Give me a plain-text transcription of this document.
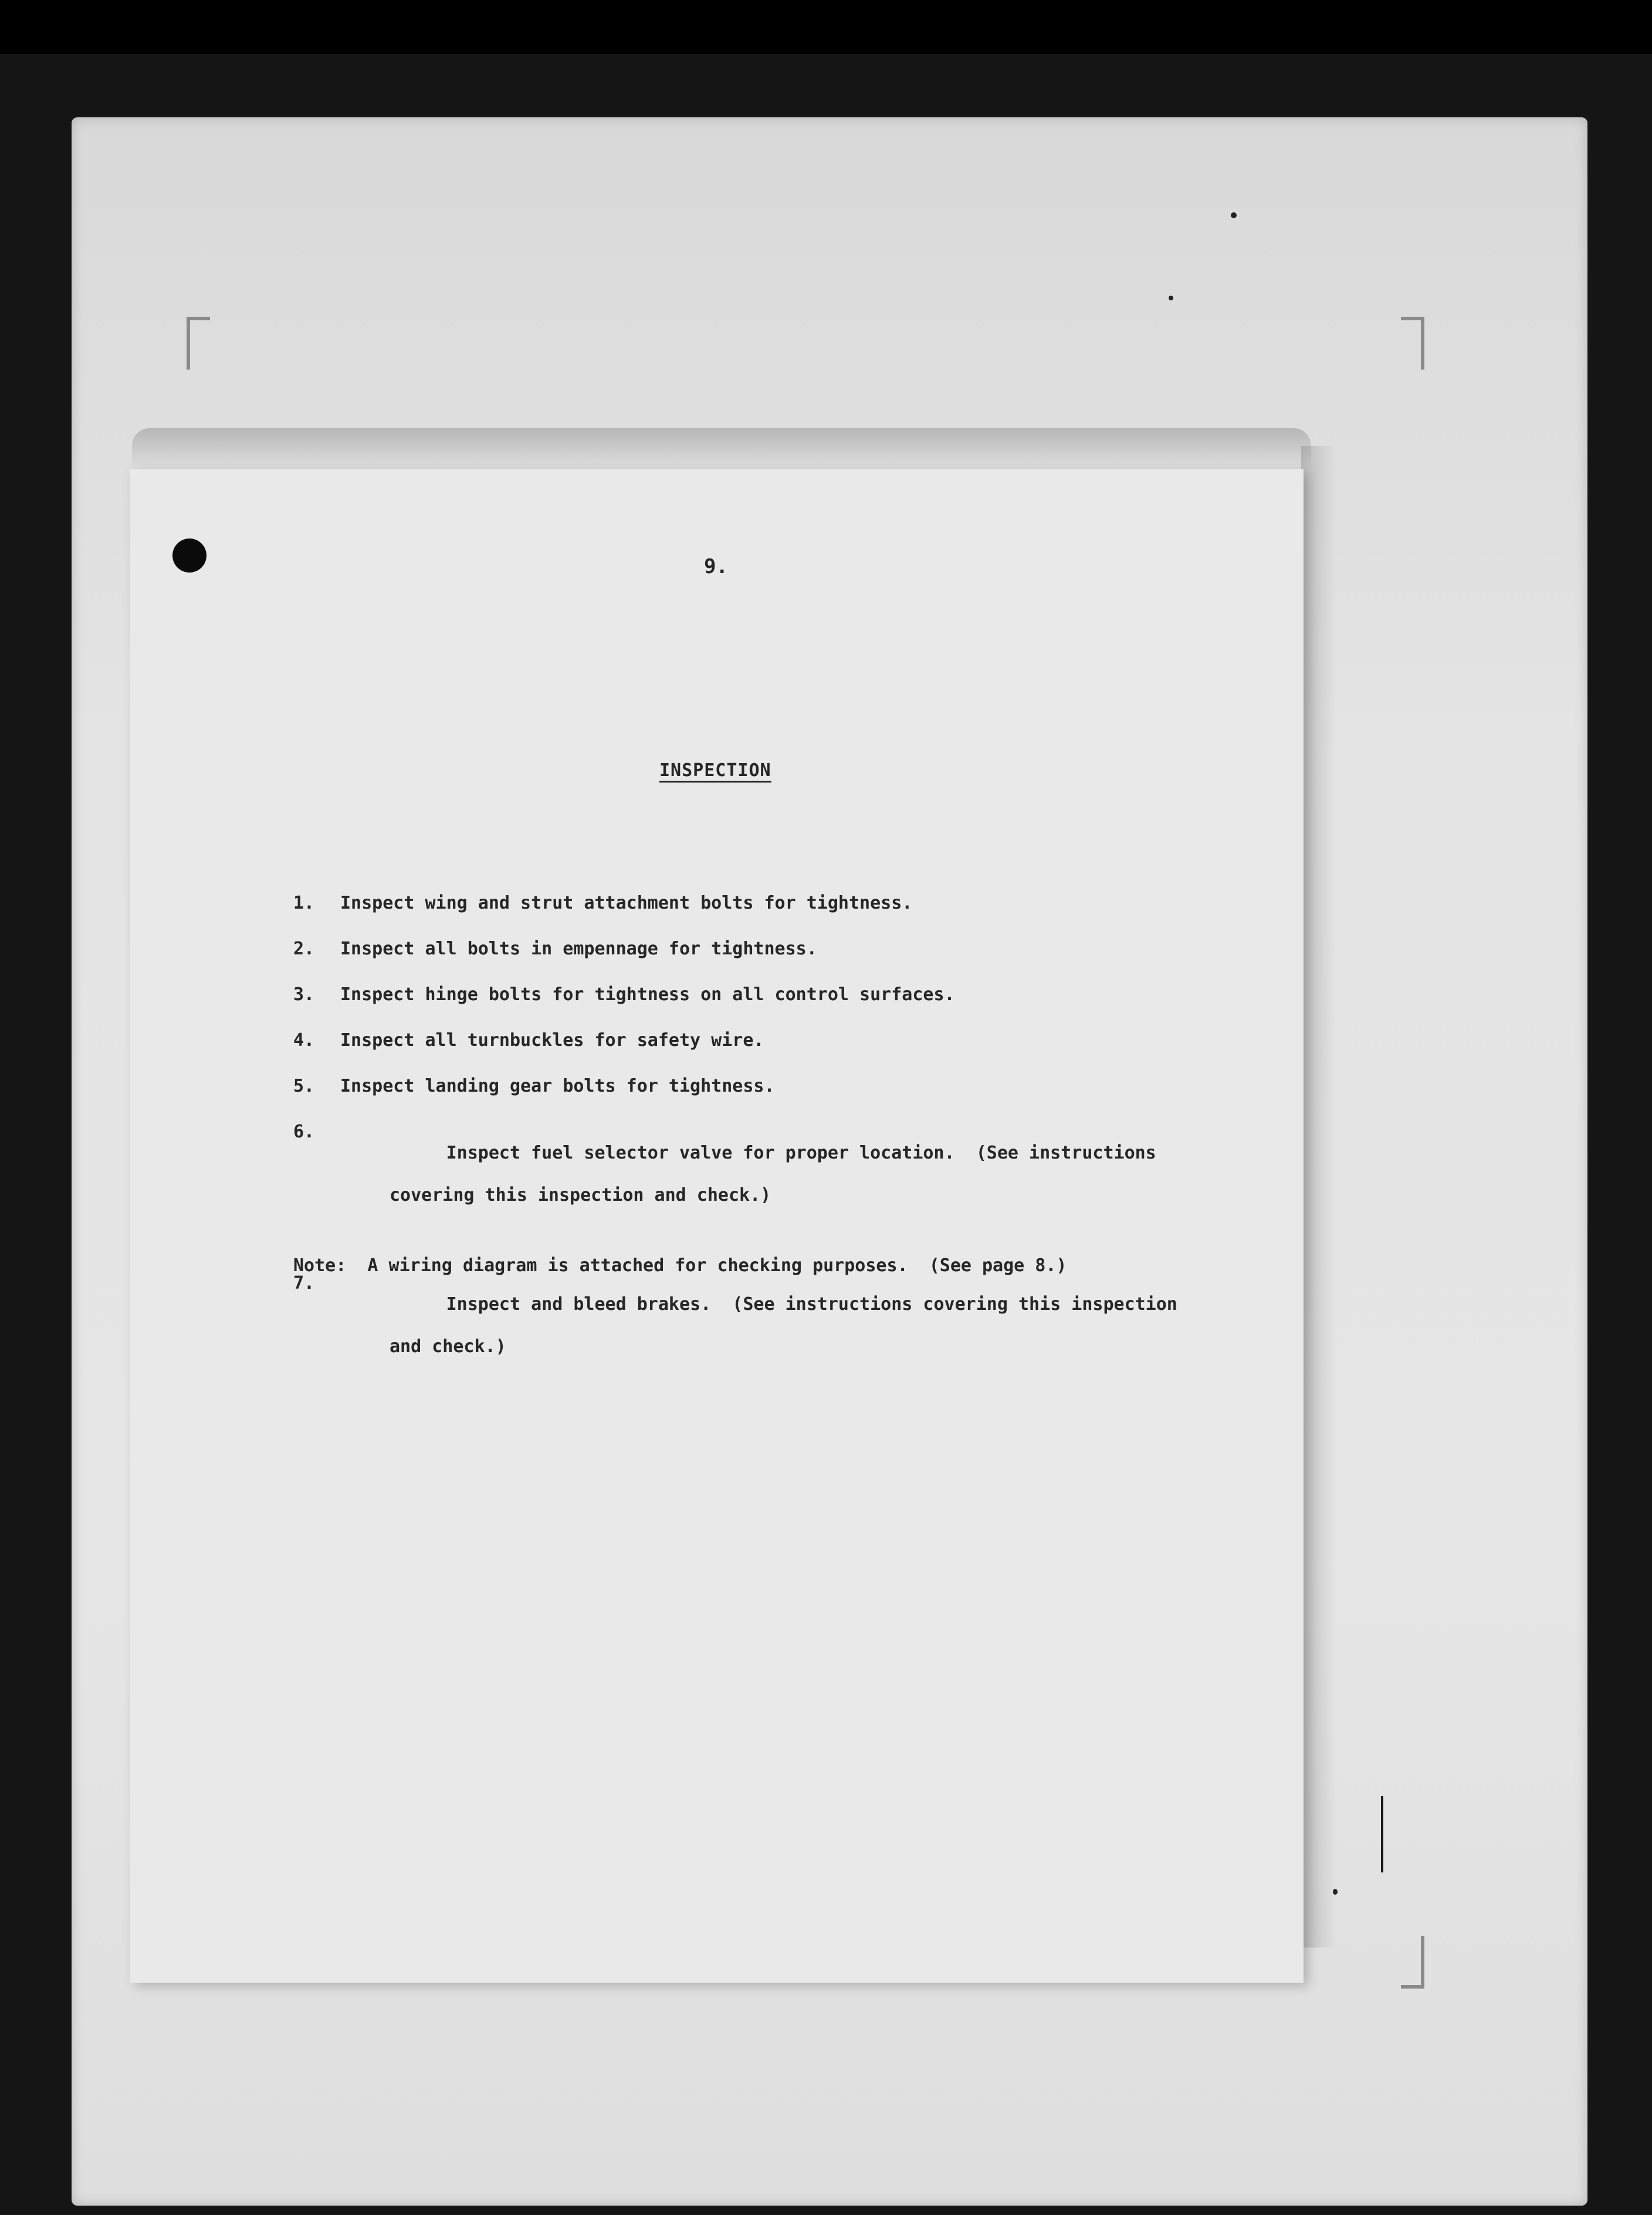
9.
INSPECTION
1.	Inspect wing and strut attachment bolts for tightness.
2.	Inspect all bolts in empennage for tightness.
3.	Inspect hinge bolts for tightness on all control surfaces.
4.	Inspect all turnbuckles for safety wire.
5.	Inspect landing gear bolts for tightness.
6.

Inspect fuel selector valve for proper location.  (See instructions

covering this inspection and check.)

7.

Inspect and bleed brakes.  (See instructions covering this inspection

and check.)

Note:  A wiring diagram is attached for checking purposes.  (See page 8.)
